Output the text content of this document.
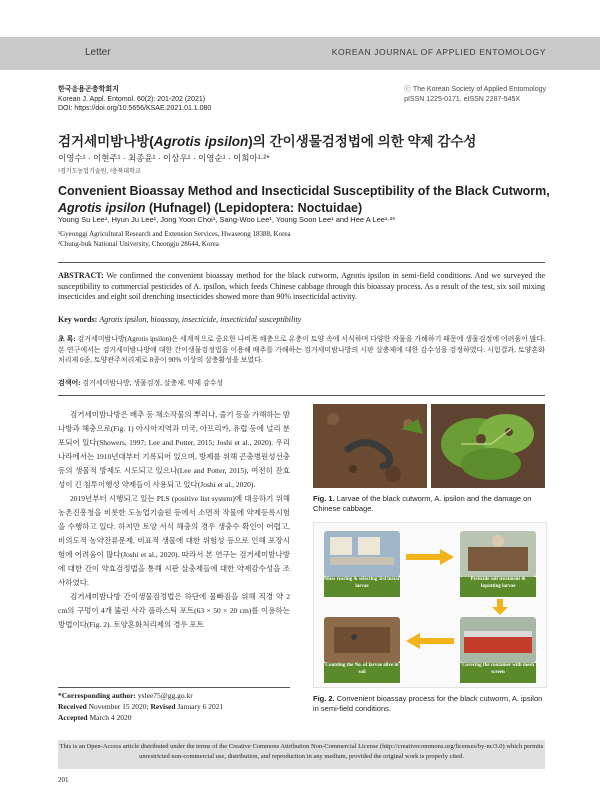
Letter	KOREAN JOURNAL OF APPLIED ENTOMOLOGY
한국응용곤충학회지
Korean J. Appl. Entomol. 60(2): 201-202 (2021)
DOI: https://doi.org/10.5656/KSAE.2021.01.1.080
ⓒ The Korean Society of Applied Entomology
pISSN 1225-0171, eISSN 2287-545X
검거세미밤나방(Agrotis ipsilon)의 간이생물검정법에 의한 약제 감수성
이영수¹ · 이현주¹ · 최종윤¹ · 이상우¹ · 이영순¹ · 이희아¹·²*
¹경기도농업기술원, ²충북대학교
Convenient Bioassay Method and Insecticidal Susceptibility of the Black Cutworm, Agrotis ipsilon (Hufnagel) (Lepidoptera: Noctuidae)
Young Su Lee¹, Hyun Ju Lee¹, Jong Yoon Choi¹, Sang-Woo Lee¹, Young Soon Lee¹ and Hee A Lee¹·²*
¹Gyeonggi Agricultural Research and Extension Services, Hwaseong 18388, Korea
²Chung-buk National University, Cheongju 28644, Korea
ABSTRACT: We confirmed the convenient bioassay method for the black cutworm, Agrotis ipsilon in semi-field conditions. And we surveyed the susceptibility to commercial pesticides of A. ipsilon, which feeds Chinese cabbage through this bioassay process. As a result of the test, six soil mixing insecticides and eight soil drenching insecticides showed more than 90% insecticidal activity.
Key words: Agrotis ipsilon, bioassay, insecticide, insecticidal susceptibility
초 록: 검거세미밤나방(Agrotis ipsilon)은 세계적으로 중요한 나비목 해충으로 유충이 토양 속에 서식하며 다양한 작물을 가해하기 때문에 생물검정에 어려움이 많다. 본 연구에서는 검거세미밤나방에 대한 간이생물검정법을 이용해 배추를 가해하는 검거세미밤나방의 시판 살충제에 대한 감수성을 검정하였다. 시험결과, 토양혼화처리제 6종, 토양관주처리제로 8종이 90% 이상의 살충활성을 보였다.
검색어: 검거세미밤나방, 생물검정, 살충제, 약제 감수성

검거세미밤나방은 배추 등 채소작물의 뿌리나, 줄기 등을 가해하는 밤나방과 해충으로(Fig. 1) 아시아지역과 미국, 아프리카, 유럽 등에 널리 분포되어 있다(Showers, 1997; Lee and Potter, 2015; Joshi et al., 2020). 우리나라에서는 1910년대부터 기록되어 있으며, 방제를 위해 곤충병원성선충 등의 생물적 방제도 시도되고 있으나(Lee and Potter, 2015), 여전히 잔효성이 긴 침투이행성 약제들이 사용되고 있다(Joshi et al., 2020).

2019년부터 시행되고 있는 PLS (positive list system)에 대응하기 위해 농촌진흥청을 비롯한 도농업기술원 등에서 소면적 작물에 약제등록시험을 수행하고 있다. 하지만 토양 서식 해충의 경우 생충수 확인이 어렵고, 비의도적 농약잔류문제, 비표적 생물에 대한 위험성 등으로 인해 포장시험에 어려움이 많다(Joshi et al., 2020). 따라서 본 연구는 검거세미밤나방에 대한 간이 약효검정법을 통해 시판 살충제들에 대한 약제감수성을 조사하였다.

검거세미밤나방 간이생물검정법은 하단에 물빠짐을 위해 직경 약 2 cm의 구멍이 4개 뚫린 사각 플라스틱 포트(63 × 50 × 20 cm)를 이용하는 방법이다(Fig. 2). 토양혼화처리제의 경우 포트

Fig. 1. Larvae of the black cutworm, A. ipsilon and the damage on Chinese cabbage.
Mass rearing & selecting 3rd instar larvae
Pesticide soil treatment & Inputting larvae
Counting the No. of larvae alive in soil
Covering the container with mesh screen
Fig. 2. Convenient bioassay process for the black cutworm, A. ipsilon in semi-field conditions.
*Corresponding author: yslee75@gg.go.kr
Received November 15 2020; Revised January 6 2021
Accepted March 4 2020
This is an Open-Access article distributed under the terms of the Creative Commons Attribution Non-Commercial License (http://creativecommons.org/licenses/by-nc/3.0) which permits unrestricted non-commercial use, distribution, and reproduction in any medium, provided the original work is properly cited.
201
